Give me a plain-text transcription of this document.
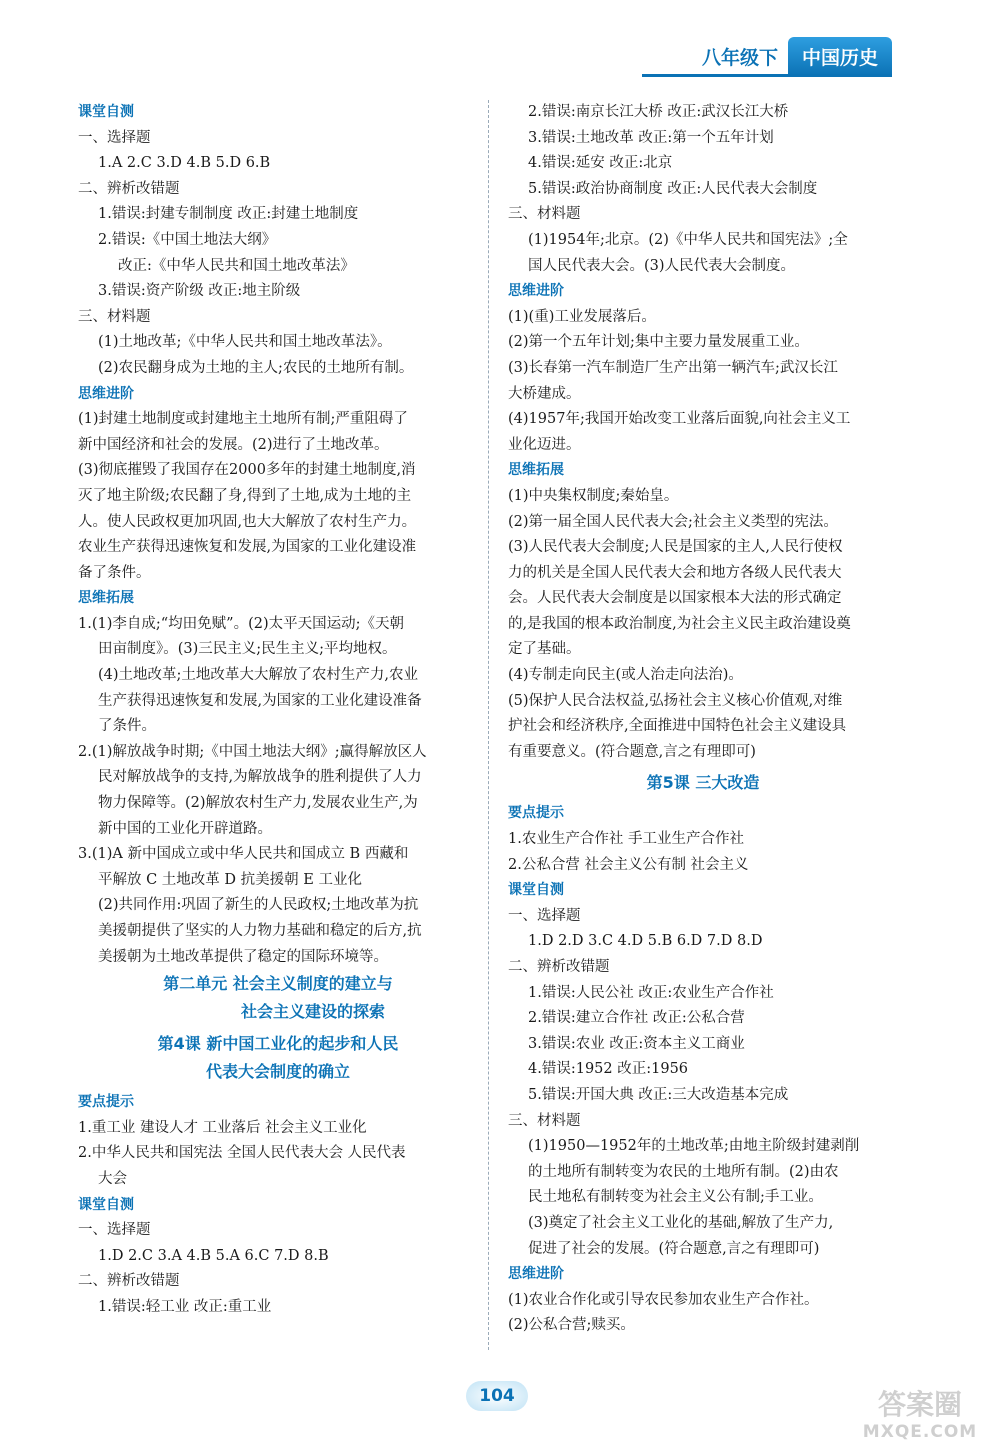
八年级下	中国历史
课堂自测
一、选择题
1.A 2.C 3.D 4.B 5.D 6.B
二、辨析改错题
1.错误:封建专制制度 改正:封建土地制度
2.错误:《中国土地法大纲》
改正:《中华人民共和国土地改革法》
3.错误:资产阶级 改正:地主阶级
三、材料题
(1)土地改革;《中华人民共和国土地改革法》。
(2)农民翻身成为土地的主人;农民的土地所有制。
思维进阶
(1)封建土地制度或封建地主土地所有制;严重阻碍了
新中国经济和社会的发展。(2)进行了土地改革。
(3)彻底摧毁了我国存在2000多年的封建土地制度,消
灭了地主阶级;农民翻了身,得到了土地,成为土地的主
人。使人民政权更加巩固,也大大解放了农村生产力。
农业生产获得迅速恢复和发展,为国家的工业化建设准
备了条件。
思维拓展
1.(1)李自成;“均田免赋”。(2)太平天国运动;《天朝
田亩制度》。(3)三民主义;民生主义;平均地权。
(4)土地改革;土地改革大大解放了农村生产力,农业
生产获得迅速恢复和发展,为国家的工业化建设准备
了条件。
2.(1)解放战争时期;《中国土地法大纲》;赢得解放区人
民对解放战争的支持,为解放战争的胜利提供了人力
物力保障等。(2)解放农村生产力,发展农业生产,为
新中国的工业化开辟道路。
3.(1)A 新中国成立或中华人民共和国成立 B 西藏和
平解放 C 土地改革 D 抗美援朝 E 工业化
(2)共同作用:巩固了新生的人民政权;土地改革为抗
美援朝提供了坚实的人力物力基础和稳定的后方,抗
美援朝为土地改革提供了稳定的国际环境等。
第二单元 社会主义制度的建立与
社会主义建设的探索
第4课 新中国工业化的起步和人民
代表大会制度的确立
要点提示
1.重工业 建设人才 工业落后 社会主义工业化
2.中华人民共和国宪法 全国人民代表大会 人民代表
大会
课堂自测
一、选择题
1.D 2.C 3.A 4.B 5.A 6.C 7.D 8.B
二、辨析改错题
1.错误:轻工业 改正:重工业
2.错误:南京长江大桥 改正:武汉长江大桥
3.错误:土地改革 改正:第一个五年计划
4.错误:延安 改正:北京
5.错误:政治协商制度 改正:人民代表大会制度
三、材料题
(1)1954年;北京。(2)《中华人民共和国宪法》;全
国人民代表大会。(3)人民代表大会制度。
思维进阶
(1)(重)工业发展落后。
(2)第一个五年计划;集中主要力量发展重工业。
(3)长春第一汽车制造厂生产出第一辆汽车;武汉长江
大桥建成。
(4)1957年;我国开始改变工业落后面貌,向社会主义工
业化迈进。
思维拓展
(1)中央集权制度;秦始皇。
(2)第一届全国人民代表大会;社会主义类型的宪法。
(3)人民代表大会制度;人民是国家的主人,人民行使权
力的机关是全国人民代表大会和地方各级人民代表大
会。人民代表大会制度是以国家根本大法的形式确定
的,是我国的根本政治制度,为社会主义民主政治建设奠
定了基础。
(4)专制走向民主(或人治走向法治)。
(5)保护人民合法权益,弘扬社会主义核心价值观,对维
护社会和经济秩序,全面推进中国特色社会主义建设具
有重要意义。(符合题意,言之有理即可)
第5课 三大改造
要点提示
1.农业生产合作社 手工业生产合作社
2.公私合营 社会主义公有制 社会主义
课堂自测
一、选择题
1.D 2.D 3.C 4.D 5.B 6.D 7.D 8.D
二、辨析改错题
1.错误:人民公社 改正:农业生产合作社
2.错误:建立合作社 改正:公私合营
3.错误:农业 改正:资本主义工商业
4.错误:1952 改正:1956
5.错误:开国大典 改正:三大改造基本完成
三、材料题
(1)1950—1952年的土地改革;由地主阶级封建剥削
的土地所有制转变为农民的土地所有制。(2)由农
民土地私有制转变为社会主义公有制;手工业。
(3)奠定了社会主义工业化的基础,解放了生产力,
促进了社会的发展。(符合题意,言之有理即可)
思维进阶
(1)农业合作化或引导农民参加农业生产合作社。
(2)公私合营;赎买。
104	答案圈
MXQE.COM
